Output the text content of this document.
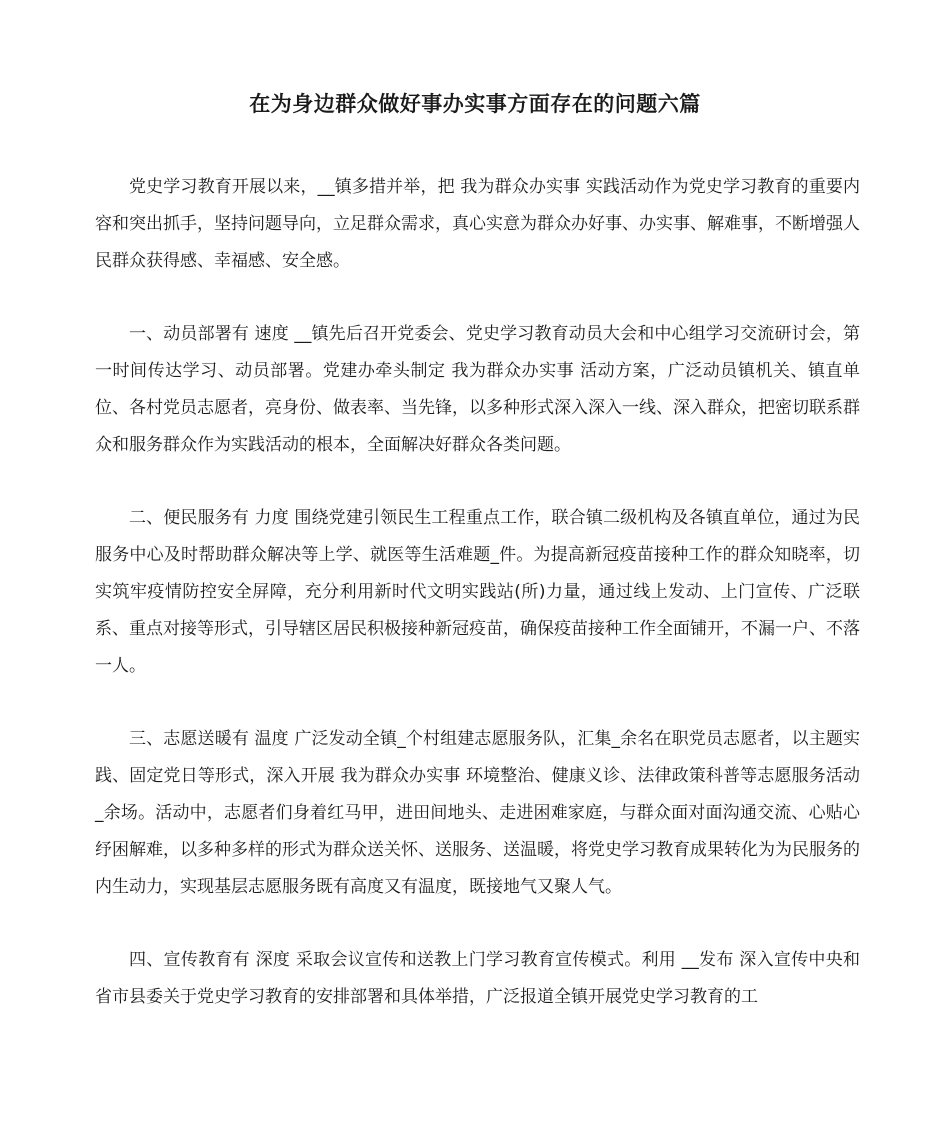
在为身边群众做好事办实事方面存在的问题六篇

党史学习教育开展以来，__镇多措并举，把 我为群众办实事 实践活动作为党史学习教育的重要内容和突出抓手，坚持问题导向，立足群众需求，真心实意为群众办好事、办实事、解难事，不断增强人民群众获得感、幸福感、安全感。

一、动员部署有 速度 __镇先后召开党委会、党史学习教育动员大会和中心组学习交流研讨会，第一时间传达学习、动员部署。党建办牵头制定 我为群众办实事 活动方案，广泛动员镇机关、镇直单位、各村党员志愿者，亮身份、做表率、当先锋，以多种形式深入深入一线、深入群众，把密切联系群众和服务群众作为实践活动的根本，全面解决好群众各类问题。

二、便民服务有 力度 围绕党建引领民生工程重点工作，联合镇二级机构及各镇直单位，通过为民服务中心及时帮助群众解决等上学、就医等生活难题_件。为提高新冠疫苗接种工作的群众知晓率，切实筑牢疫情防控安全屏障，充分利用新时代文明实践站(所)力量，通过线上发动、上门宣传、广泛联系、重点对接等形式，引导辖区居民积极接种新冠疫苗，确保疫苗接种工作全面铺开，不漏一户、不落一人。

三、志愿送暖有 温度 广泛发动全镇_个村组建志愿服务队，汇集_余名在职党员志愿者，以主题实践、固定党日等形式，深入开展 我为群众办实事 环境整治、健康义诊、法律政策科普等志愿服务活动_余场。活动中，志愿者们身着红马甲，进田间地头、走进困难家庭，与群众面对面沟通交流、心贴心纾困解难，以多种多样的形式为群众送关怀、送服务、送温暖，将党史学习教育成果转化为为民服务的内生动力，实现基层志愿服务既有高度又有温度，既接地气又聚人气。

四、宣传教育有 深度 采取会议宣传和送教上门学习教育宣传模式。利用 __发布 深入宣传中央和省市县委关于党史学习教育的安排部署和具体举措，广泛报道全镇开展党史学习教育的工
